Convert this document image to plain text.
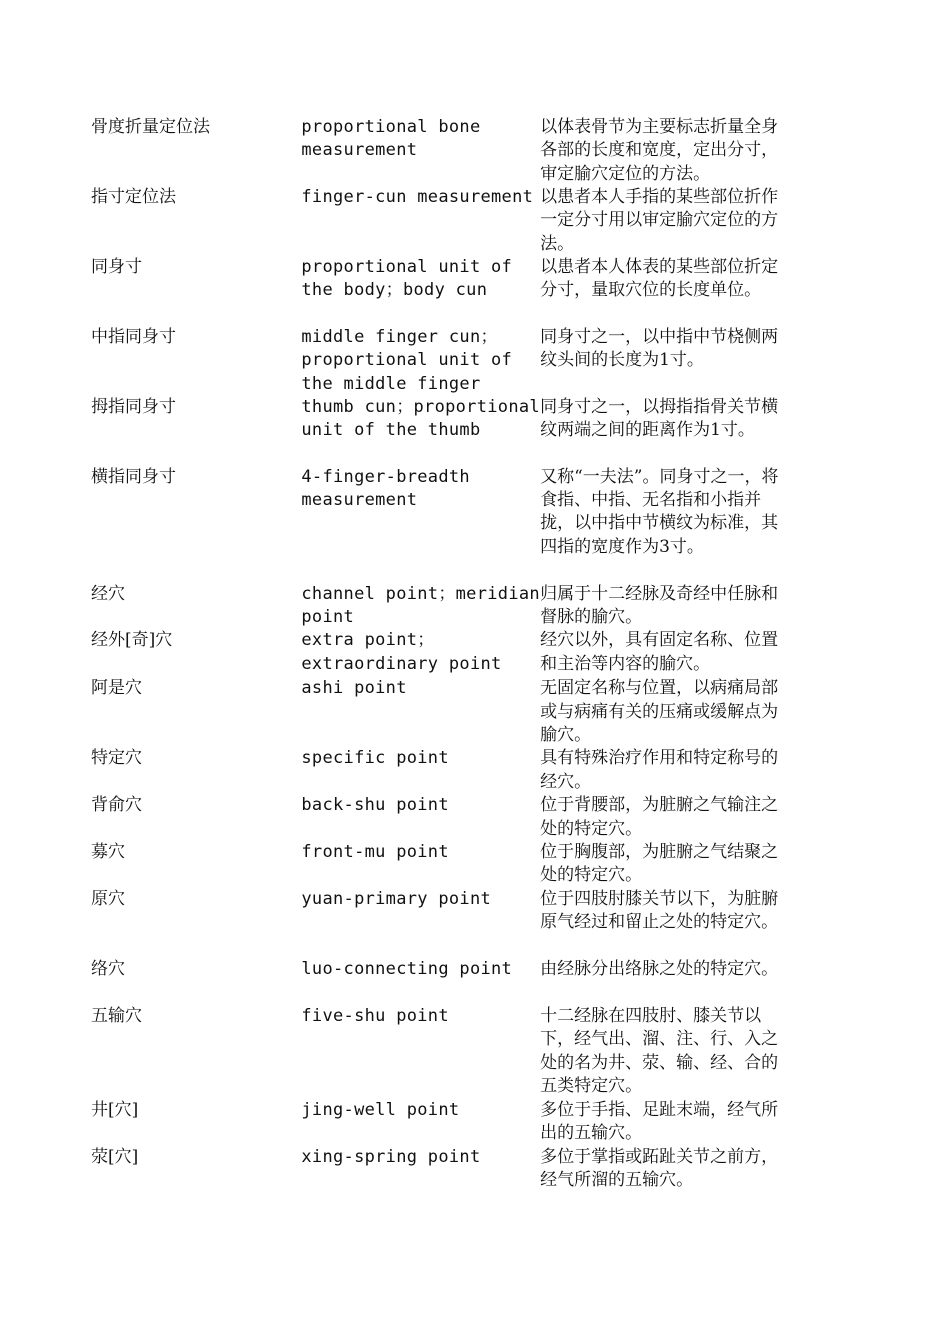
骨度折量定位法	proportional bone measurement	以体表骨节为主要标志折量全身各部的长度和宽度，定出分寸，审定腧穴定位的方法。
指寸定位法	finger-cun measurement	以患者本人手指的某些部位折作一定分寸用以审定腧穴定位的方法。
同身寸	proportional unit of the body；body cun	以患者本人体表的某些部位折定分寸，量取穴位的长度单位。
中指同身寸	middle finger cun；proportional unit of the middle finger	同身寸之一，以中指中节桡侧两纹头间的长度为1寸。
拇指同身寸	thumb cun；proportional unit of the thumb	同身寸之一，以拇指指骨关节横纹两端之间的距离作为1寸。
横指同身寸	4-finger-breadth measurement	又称“一夫法”。同身寸之一，将食指、中指、无名指和小指并拢，以中指中节横纹为标准，其四指的宽度作为3寸。
经穴	channel point；meridian point	归属于十二经脉及奇经中任脉和督脉的腧穴。
经外[奇]穴	extra point；extraordinary point	经穴以外，具有固定名称、位置和主治等内容的腧穴。
阿是穴	ashi point	无固定名称与位置，以病痛局部或与病痛有关的压痛或缓解点为腧穴。
特定穴	specific point	具有特殊治疗作用和特定称号的经穴。
背俞穴	back-shu point	位于背腰部，为脏腑之气输注之处的特定穴。
募穴	front-mu point	位于胸腹部，为脏腑之气结聚之处的特定穴。
原穴	yuan-primary point	位于四肢肘膝关节以下，为脏腑原气经过和留止之处的特定穴。
络穴	luo-connecting point	由经脉分出络脉之处的特定穴。
五输穴	five-shu point	十二经脉在四肢肘、膝关节以下，经气出、溜、注、行、入之处的名为井、荥、输、经、合的五类特定穴。
井[穴]	jing-well point	多位于手指、足趾末端，经气所出的五输穴。
荥[穴]	xing-spring point	多位于掌指或跖趾关节之前方，经气所溜的五输穴。
